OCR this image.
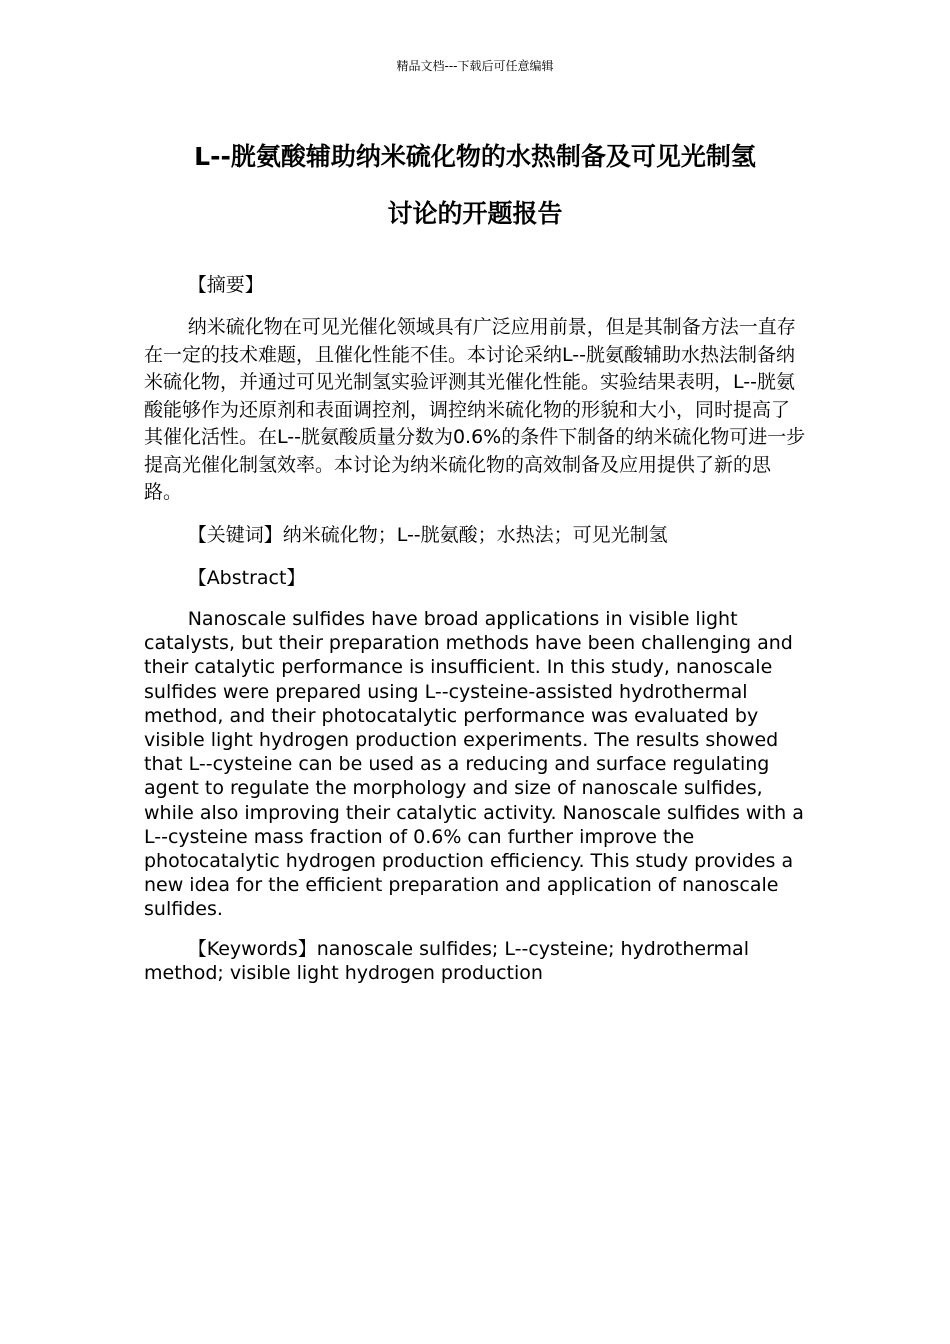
精品文档---下载后可任意编辑
L--胱氨酸辅助纳米硫化物的水热制备及可见光制氢
讨论的开题报告

【摘要】

纳米硫化物在可见光催化领域具有广泛应用前景，但是其制备方法一直存在一定的技术难题，且催化性能不佳。本讨论采纳L--胱氨酸辅助水热法制备纳米硫化物，并通过可见光制氢实验评测其光催化性能。实验结果表明，L--胱氨酸能够作为还原剂和表面调控剂，调控纳米硫化物的形貌和大小，同时提高了其催化活性。在L--胱氨酸质量分数为0.6%的条件下制备的纳米硫化物可进一步提高光催化制氢效率。本讨论为纳米硫化物的高效制备及应用提供了新的思路。

【关键词】纳米硫化物；L--胱氨酸；水热法；可见光制氢

【Abstract】

Nanoscale sulfides have broad applications in visible light catalysts, but their preparation methods have been challenging and their catalytic performance is insufficient. In this study, nanoscale sulfides were prepared using L--cysteine-assisted hydrothermal method, and their photocatalytic performance was evaluated by visible light hydrogen production experiments. The results showed that L--cysteine can be used as a reducing and surface regulating agent to regulate the morphology and size of nanoscale sulfides, while also improving their catalytic activity. Nanoscale sulfides with a L--cysteine mass fraction of 0.6% can further improve the photocatalytic hydrogen production efficiency. This study provides a new idea for the efficient preparation and application of nanoscale sulfides.

【Keywords】nanoscale sulfides; L--cysteine; hydrothermal method; visible light hydrogen production
